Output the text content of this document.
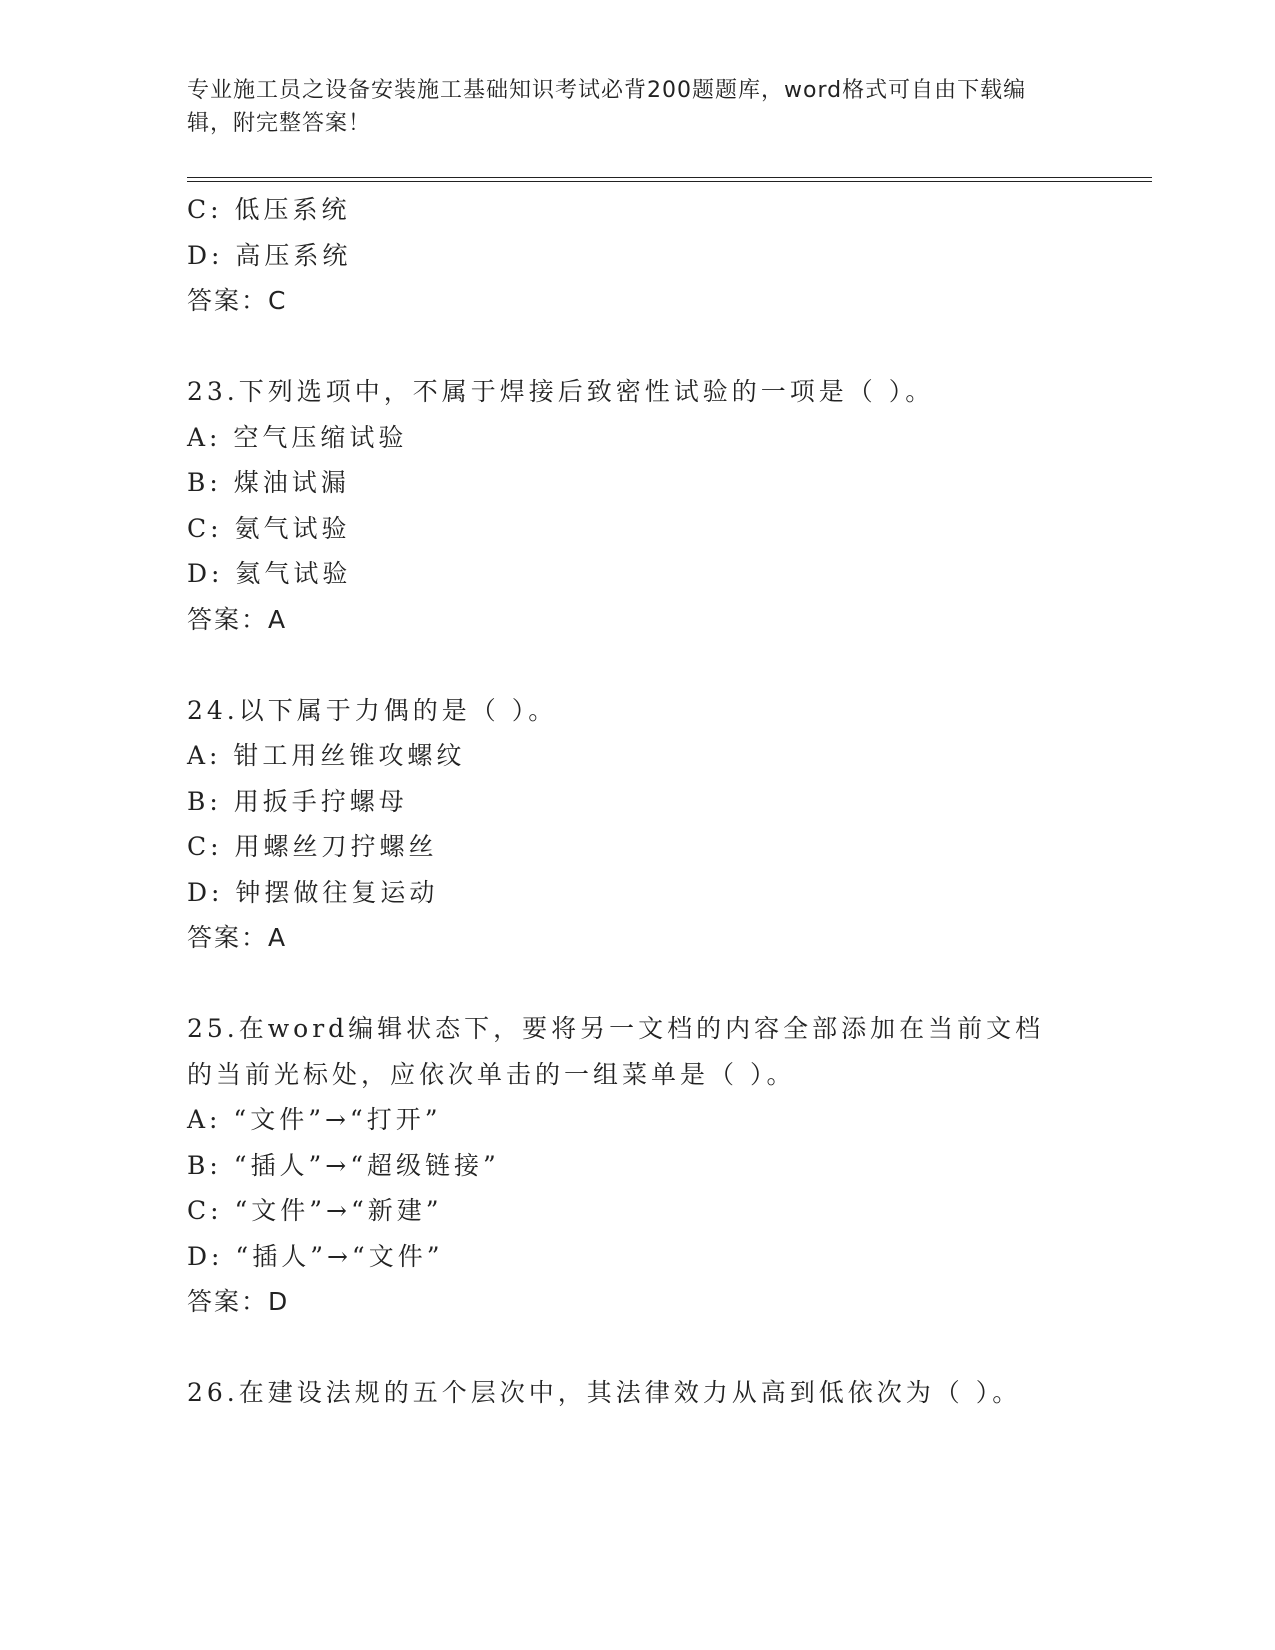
专业施工员之设备安装施工基础知识考试必背200题题库，word格式可自由下载编辑，附完整答案！
C: 低压系统
D: 高压系统
答案：C
23.下列选项中，不属于焊接后致密性试验的一项是（ ）。
A: 空气压缩试验
B: 煤油试漏
C: 氨气试验
D: 氦气试验
答案：A
24.以下属于力偶的是（ ）。
A: 钳工用丝锥攻螺纹
B: 用扳手拧螺母
C: 用螺丝刀拧螺丝
D: 钟摆做往复运动
答案：A
25.在word编辑状态下，要将另一文档的内容全部添加在当前文档的当前光标处，应依次单击的一组菜单是（ ）。
A: “文件”→“打开”
B: “插人”→“超级链接”
C: “文件”→“新建”
D: “插人”→“文件”
答案：D
26.在建设法规的五个层次中，其法律效力从高到低依次为（ ）。
